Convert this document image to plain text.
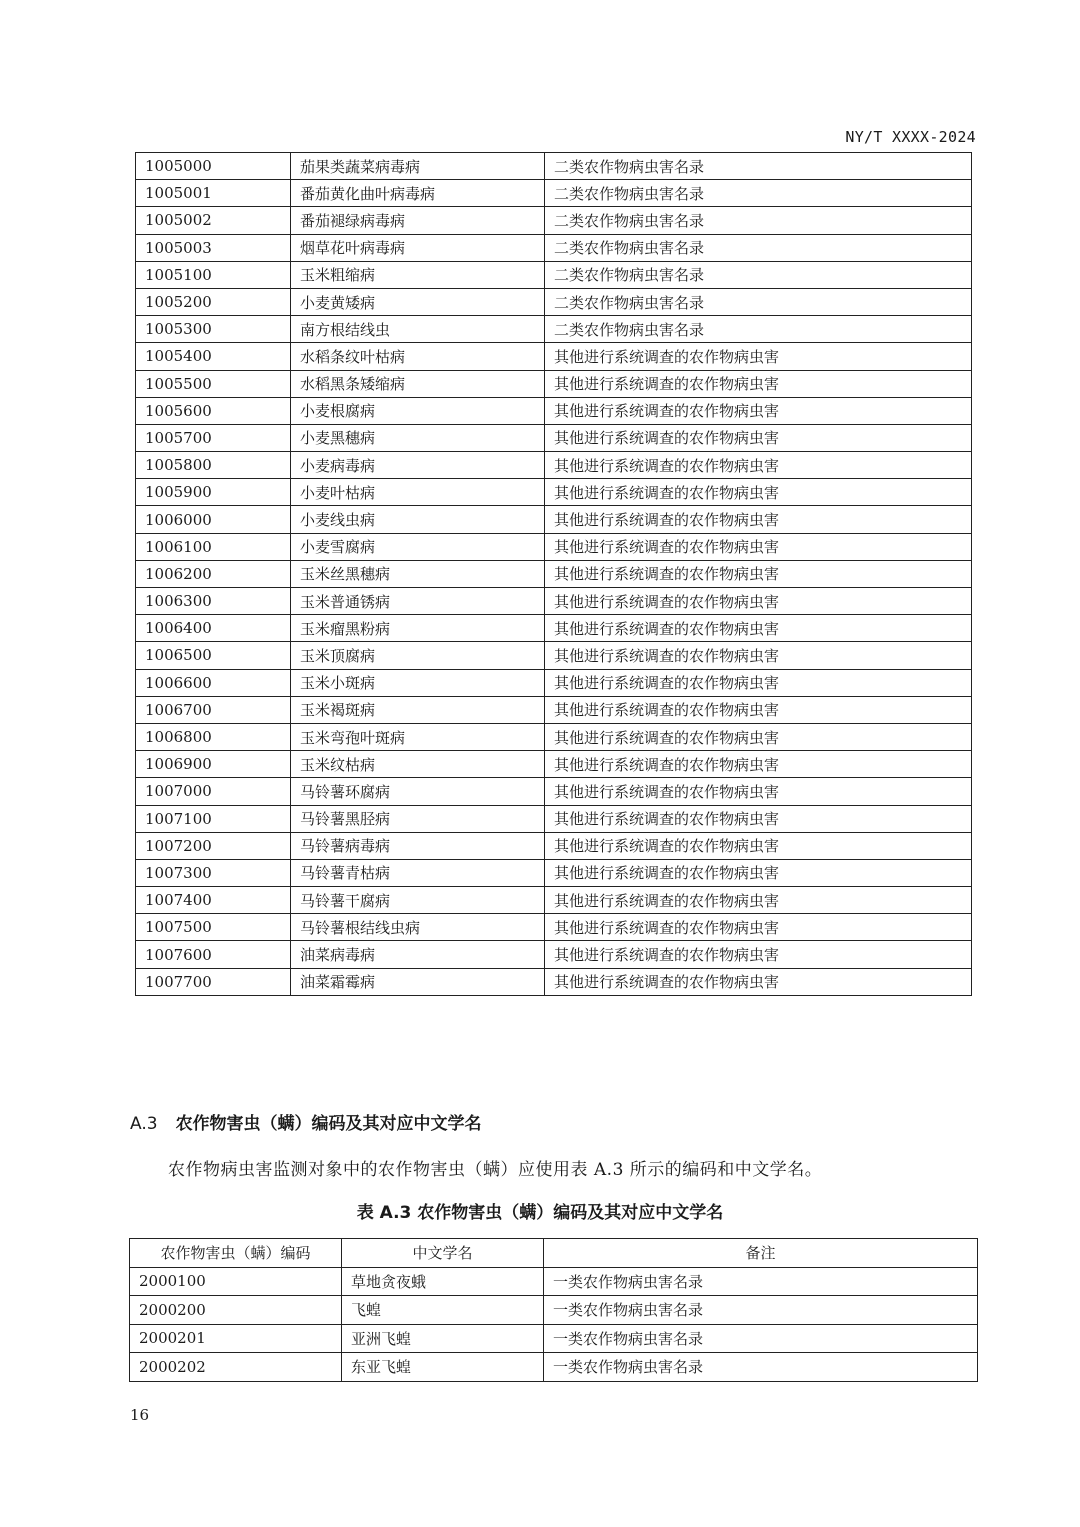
NY/T XXXX-2024
1005000	茄果类蔬菜病毒病	二类农作物病虫害名录
1005001	番茄黄化曲叶病毒病	二类农作物病虫害名录
1005002	番茄褪绿病毒病	二类农作物病虫害名录
1005003	烟草花叶病毒病	二类农作物病虫害名录
1005100	玉米粗缩病	二类农作物病虫害名录
1005200	小麦黄矮病	二类农作物病虫害名录
1005300	南方根结线虫	二类农作物病虫害名录
1005400	水稻条纹叶枯病	其他进行系统调查的农作物病虫害
1005500	水稻黑条矮缩病	其他进行系统调查的农作物病虫害
1005600	小麦根腐病	其他进行系统调查的农作物病虫害
1005700	小麦黑穗病	其他进行系统调查的农作物病虫害
1005800	小麦病毒病	其他进行系统调查的农作物病虫害
1005900	小麦叶枯病	其他进行系统调查的农作物病虫害
1006000	小麦线虫病	其他进行系统调查的农作物病虫害
1006100	小麦雪腐病	其他进行系统调查的农作物病虫害
1006200	玉米丝黑穗病	其他进行系统调查的农作物病虫害
1006300	玉米普通锈病	其他进行系统调查的农作物病虫害
1006400	玉米瘤黑粉病	其他进行系统调查的农作物病虫害
1006500	玉米顶腐病	其他进行系统调查的农作物病虫害
1006600	玉米小斑病	其他进行系统调查的农作物病虫害
1006700	玉米褐斑病	其他进行系统调查的农作物病虫害
1006800	玉米弯孢叶斑病	其他进行系统调查的农作物病虫害
1006900	玉米纹枯病	其他进行系统调查的农作物病虫害
1007000	马铃薯环腐病	其他进行系统调查的农作物病虫害
1007100	马铃薯黑胫病	其他进行系统调查的农作物病虫害
1007200	马铃薯病毒病	其他进行系统调查的农作物病虫害
1007300	马铃薯青枯病	其他进行系统调查的农作物病虫害
1007400	马铃薯干腐病	其他进行系统调查的农作物病虫害
1007500	马铃薯根结线虫病	其他进行系统调查的农作物病虫害
1007600	油菜病毒病	其他进行系统调查的农作物病虫害
1007700	油菜霜霉病	其他进行系统调查的农作物病虫害
A.3 农作物害虫（螨）编码及其对应中文学名
农作物病虫害监测对象中的农作物害虫（螨）应使用表 A.3 所示的编码和中文学名。
表 A.3 农作物害虫（螨）编码及其对应中文学名
农作物害虫（螨）编码	中文学名	备注
2000100	草地贪夜蛾	一类农作物病虫害名录
2000200	飞蝗	一类农作物病虫害名录
2000201	亚洲飞蝗	一类农作物病虫害名录
2000202	东亚飞蝗	一类农作物病虫害名录
16
